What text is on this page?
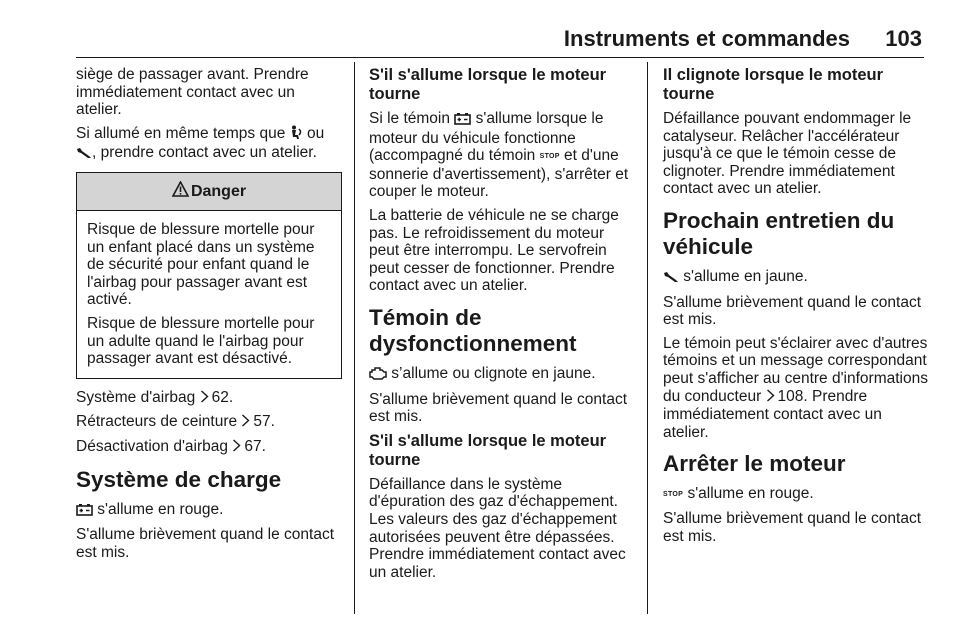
Instruments et commandes 103
siège de passager avant. Prendre immédiatement contact avec un atelier.
Si allumé en même temps que  ou , prendre contact avec un atelier.
Danger
Risque de blessure mortelle pour un enfant placé dans un système de sécurité pour enfant quand le l'airbag pour passager avant est activé.
Risque de blessure mortelle pour un adulte quand le l'airbag pour passager avant est désactivé.
Système d'airbag 62.
Rétracteurs de ceinture 57.
Désactivation d'airbag 67.
Système de charge
s'allume en rouge.
S'allume brièvement quand le contact est mis.
S'il s'allume lorsque le moteur tourne
Si le témoin  s'allume lorsque le moteur du véhicule fonctionne (accompagné du témoin STOP et d'une sonnerie d'avertissement), s'arrêter et couper le moteur.
La batterie de véhicule ne se charge pas. Le refroidissement du moteur peut être interrompu. Le servofrein peut cesser de fonctionner. Prendre contact avec un atelier.
Témoin de dysfonctionnement
s’allume ou clignote en jaune.
S'allume brièvement quand le contact est mis.
S'il s'allume lorsque le moteur tourne
Défaillance dans le système d'épuration des gaz d'échappement. Les valeurs des gaz d'échappement autorisées peuvent être dépassées. Prendre immédiatement contact avec un atelier.
Il clignote lorsque le moteur tourne
Défaillance pouvant endommager le catalyseur. Relâcher l'accélérateur jusqu'à ce que le témoin cesse de clignoter. Prendre immédiatement contact avec un atelier.
Prochain entretien du véhicule
s'allume en jaune.
S'allume brièvement quand le contact est mis.
Le témoin peut s'éclairer avec d'autres témoins et un message correspondant peut s'afficher au centre d'informations du conducteur 108. Prendre immédiatement contact avec un atelier.
Arrêter le moteur
STOP s'allume en rouge.
S'allume brièvement quand le contact est mis.
